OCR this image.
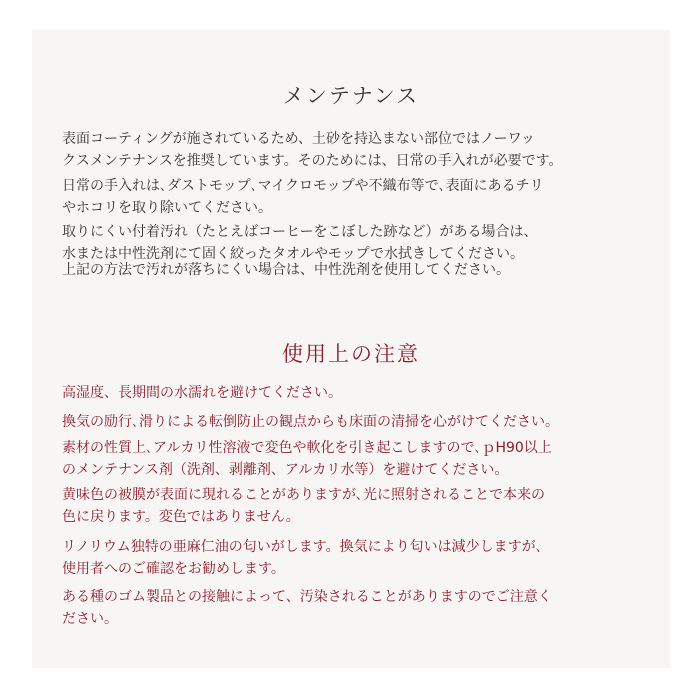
メンテナンス

表面コーティングが施されているため、土砂を持込まない部位ではノーワッ
クスメンテナンスを推奨しています。そのためには、日常の手入れが必要です。

日常の手入れは､ダストモップ､マイクロモップや不織布等で､表面にあるチリ
やホコリを取り除いてください。

取りにくい付着汚れ（たとえばコーヒーをこぼした跡など）がある場合は、
水または中性洗剤にて固く絞ったタオルやモップで水拭きしてください。

上記の方法で汚れが落ちにくい場合は、中性洗剤を使用してください。

使用上の注意

高湿度、長期間の水濡れを避けてください。

換気の励行､滑りによる転倒防止の観点からも床面の清掃を心がけてください。

素材の性質上､アルカリ性溶液で変色や軟化を引き起こしますので､ｐH90以上
のメンテナンス剤（洗剤、剥離剤、アルカリ水等）を避けてください。

黄味色の被膜が表面に現れることがありますが､光に照射されることで本来の
色に戻ります。変色ではありません。

リノリウム独特の亜麻仁油の匂いがします。換気により匂いは減少しますが､
使用者へのご確認をお勧めします。

ある種のゴム製品との接触によって、汚染されることがありますのでご注意く
ださい。
